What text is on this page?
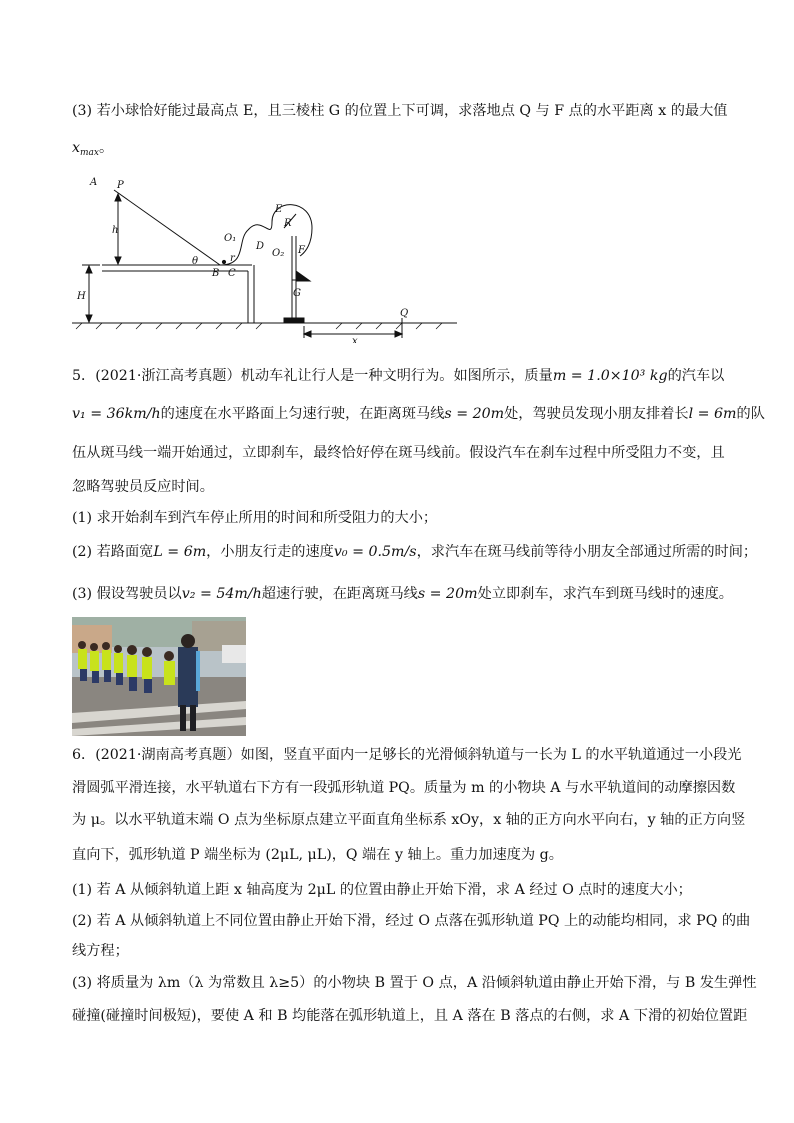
(3) 若小球恰好能过最高点 E，且三棱柱 G 的位置上下可调，求落地点 Q 与 F 点的水平距离 x 的最大值
$x_{max}$。
A P
h
H
θ
B C
O₁
r
D
E
R
O₂ F
G
Q
x
5．(2021·浙江高考真题）机动车礼让行人是一种文明行为。如图所示，质量m = 1.0×10³ kg的汽车以
v₁ = 36km/h的速度在水平路面上匀速行驶，在距离斑马线s = 20m处，驾驶员发现小朋友排着长l = 6m的队
伍从斑马线一端开始通过，立即刹车，最终恰好停在斑马线前。假设汽车在刹车过程中所受阻力不变，且
忽略驾驶员反应时间。
(1) 求开始刹车到汽车停止所用的时间和所受阻力的大小；
(2) 若路面宽L = 6m，小朋友行走的速度v₀ = 0.5m/s，求汽车在斑马线前等待小朋友全部通过所需的时间；
(3) 假设驾驶员以v₂ = 54m/h超速行驶，在距离斑马线s = 20m处立即刹车，求汽车到斑马线时的速度。
6．(2021·湖南高考真题）如图，竖直平面内一足够长的光滑倾斜轨道与一长为 L 的水平轨道通过一小段光
滑圆弧平滑连接，水平轨道右下方有一段弧形轨道 PQ。质量为 m 的小物块 A 与水平轨道间的动摩擦因数
为 μ。以水平轨道末端 O 点为坐标原点建立平面直角坐标系 xOy，x 轴的正方向水平向右，y 轴的正方向竖
直向下，弧形轨道 P 端坐标为 (2μL, μL)，Q 端在 y 轴上。重力加速度为 g。
(1) 若 A 从倾斜轨道上距 x 轴高度为 2μL 的位置由静止开始下滑，求 A 经过 O 点时的速度大小；
(2) 若 A 从倾斜轨道上不同位置由静止开始下滑，经过 O 点落在弧形轨道 PQ 上的动能均相同，求 PQ 的曲
线方程；
(3) 将质量为 λm（λ 为常数且 λ≥5）的小物块 B 置于 O 点，A 沿倾斜轨道由静止开始下滑，与 B 发生弹性
碰撞(碰撞时间极短)，要使 A 和 B 均能落在弧形轨道上，且 A 落在 B 落点的右侧，求 A 下滑的初始位置距
